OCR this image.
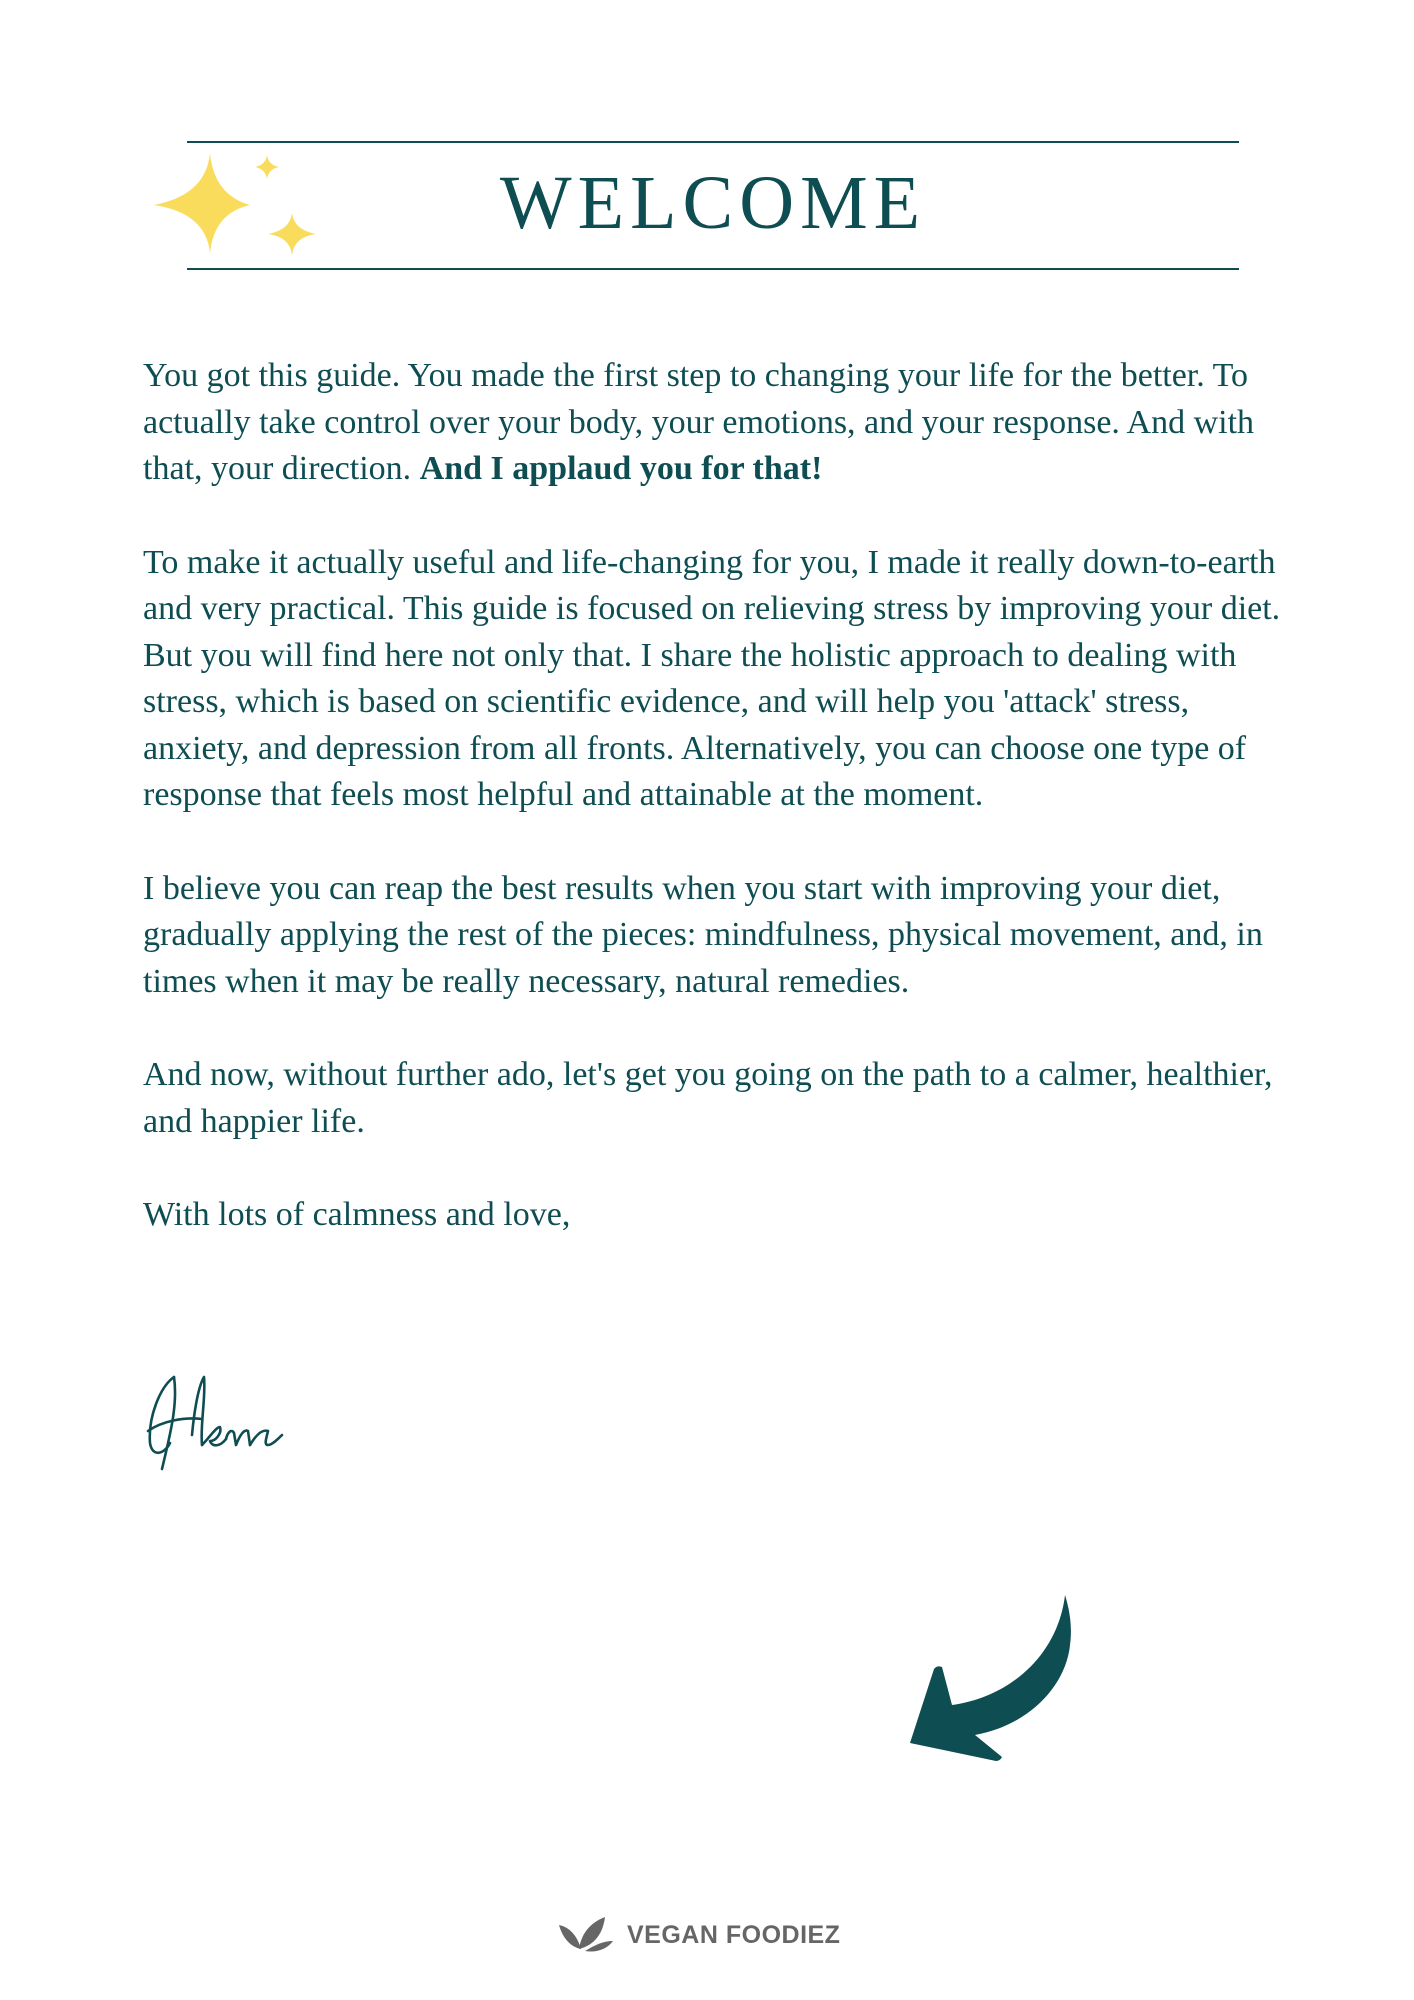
WELCOME

You got this guide. You made the first step to changing your life for the better. To actually take control over your body, your emotions, and your response. And with that, your direction. And I applaud you for that!

To make it actually useful and life-changing for you, I made it really down-to-earth and very practical. This guide is focused on relieving stress by improving your diet. But you will find here not only that. I share the holistic approach to dealing with stress, which is based on scientific evidence, and will help you 'attack' stress, anxiety, and depression from all fronts. Alternatively, you can choose one type of response that feels most helpful and attainable at the moment.

I believe you can reap the best results when you start with improving your diet, gradually applying the rest of the pieces: mindfulness, physical movement, and, in times when it may be really necessary, natural remedies.

And now, without further ado, let's get you going on the path to a calmer, healthier, and happier life.

With lots of calmness and love,

VEGAN FOODIEZ
